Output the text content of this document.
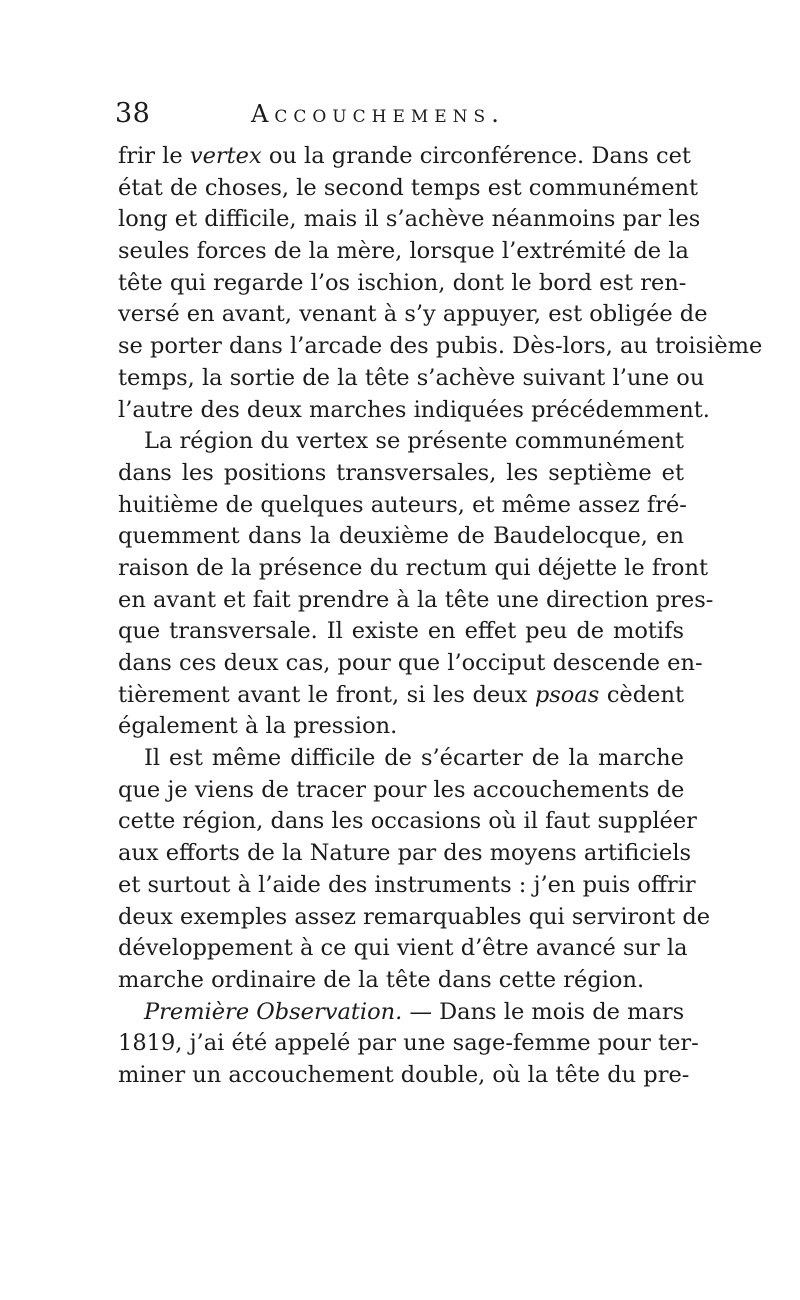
38	Accouchemens.
frir le vertex ou la grande circonférence. Dans cet
état de choses, le second temps est communément
long et difficile, mais il s’achève néanmoins par les
seules forces de la mère, lorsque l’extrémité de la
tête qui regarde l’os ischion, dont le bord est ren-
versé en avant, venant à s’y appuyer, est obligée de
se porter dans l’arcade des pubis. Dès-lors, au troisième
temps, la sortie de la tête s’achève suivant l’une ou
l’autre des deux marches indiquées précédemment.
La région du vertex se présente communément
dans les positions transversales, les septième et
huitième de quelques auteurs, et même assez fré-
quemment dans la deuxième de Baudelocque, en
raison de la présence du rectum qui déjette le front
en avant et fait prendre à la tête une direction pres-
que transversale. Il existe en effet peu de motifs
dans ces deux cas, pour que l’occiput descende en-
tièrement avant le front, si les deux psoas cèdent
également à la pression.
Il est même difficile de s’écarter de la marche
que je viens de tracer pour les accouchements de
cette région, dans les occasions où il faut suppléer
aux efforts de la Nature par des moyens artificiels
et surtout à l’aide des instruments : j’en puis offrir
deux exemples assez remarquables qui serviront de
développement à ce qui vient d’être avancé sur la
marche ordinaire de la tête dans cette région.
Première Observation. — Dans le mois de mars
1819, j’ai été appelé par une sage-femme pour ter-
miner un accouchement double, où la tête du pre-
